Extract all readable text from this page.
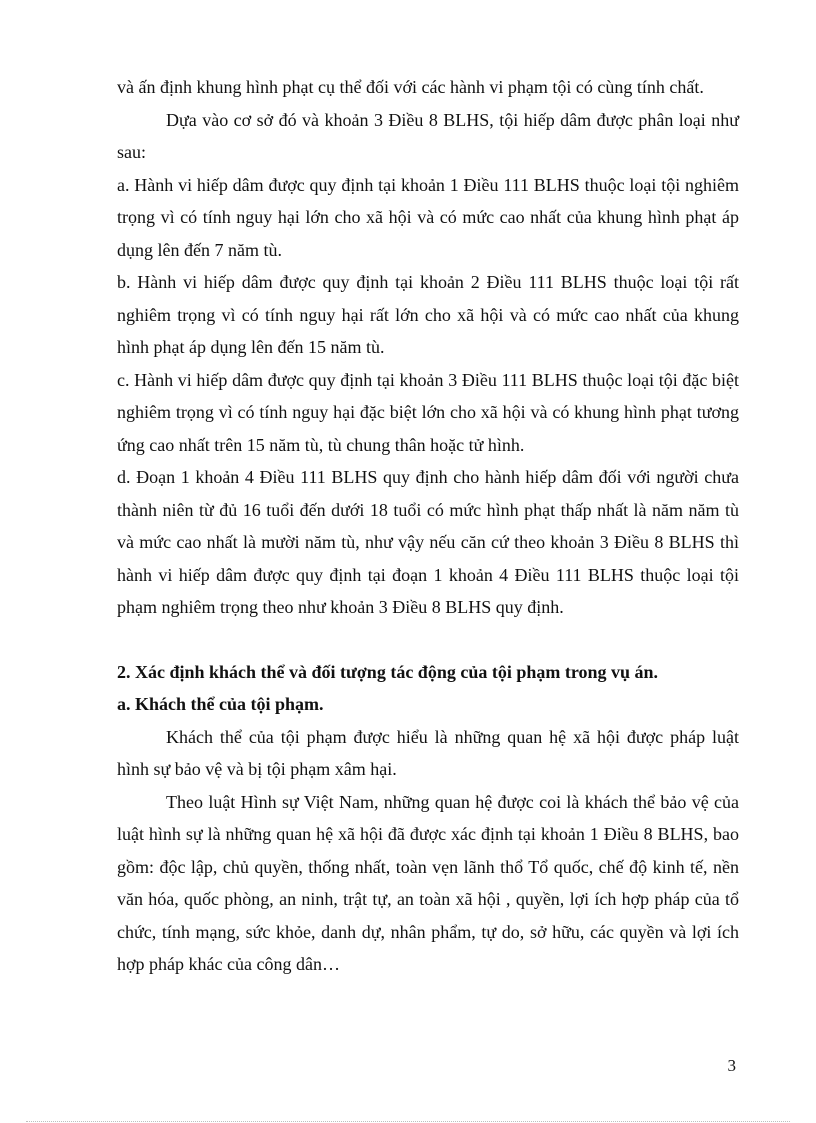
và ấn định khung hình phạt cụ thể đối với các hành vi phạm tội có cùng tính chất.

Dựa vào cơ sở đó và khoản 3 Điều 8 BLHS, tội hiếp dâm được phân loại như sau:

a. Hành vi hiếp dâm được quy định tại khoản 1 Điều 111 BLHS thuộc loại tội nghiêm trọng vì có tính nguy hại lớn cho xã hội và có mức cao nhất của khung hình phạt áp dụng lên đến 7 năm tù.

b. Hành vi hiếp dâm được quy định tại khoản 2 Điều 111 BLHS thuộc loại tội rất nghiêm trọng vì có tính nguy hại rất lớn cho xã hội và có mức cao nhất của khung hình phạt áp dụng lên đến 15 năm tù.

c. Hành vi hiếp dâm được quy định tại khoản 3 Điều 111 BLHS thuộc loại tội đặc biệt nghiêm trọng vì có tính nguy hại đặc biệt lớn cho xã hội và có khung hình phạt tương ứng cao nhất trên 15 năm tù, tù chung thân hoặc tử hình.

d. Đoạn 1 khoản 4 Điều 111 BLHS quy định cho hành hiếp dâm đối với người chưa thành niên từ đủ 16 tuổi đến dưới 18 tuổi có mức hình phạt thấp nhất là năm năm tù và mức cao nhất là mười năm tù, như vậy nếu căn cứ theo khoản 3 Điều 8 BLHS thì hành vi hiếp dâm được quy định tại đoạn 1 khoản 4 Điều 111 BLHS thuộc loại tội phạm nghiêm trọng theo như khoản 3 Điều 8 BLHS quy định.

2. Xác định khách thể và đối tượng tác động của tội phạm trong vụ án.

a. Khách thể của tội phạm.

Khách thể của tội phạm được hiểu là những quan hệ xã hội được pháp luật hình sự bảo vệ và bị tội phạm xâm hại.

Theo luật Hình sự Việt Nam, những quan hệ được coi là khách thể bảo vệ của luật hình sự là những quan hệ xã hội đã được xác định tại khoản 1 Điều 8 BLHS, bao gồm: độc lập, chủ quyền, thống nhất, toàn vẹn lãnh thổ Tổ quốc, chế độ kinh tế, nền văn hóa, quốc phòng, an ninh, trật tự, an toàn xã hội , quyền, lợi ích hợp pháp của tổ chức, tính mạng, sức khỏe, danh dự, nhân phẩm, tự do, sở hữu, các quyền và lợi ích hợp pháp khác của công dân…

3
